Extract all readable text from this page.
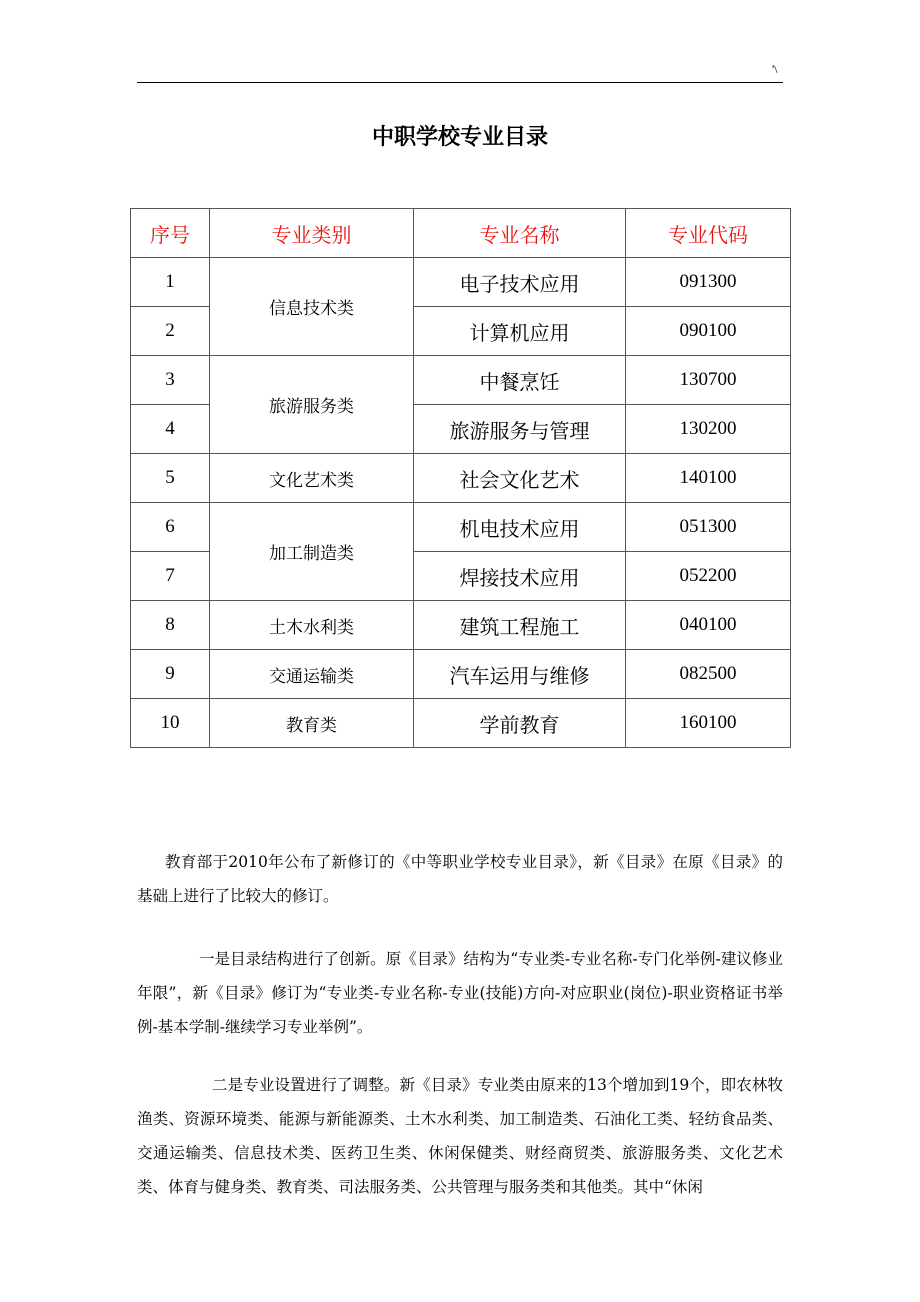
'\
中职学校专业目录
序号	专业类别	专业名称	专业代码
1	信息技术类	电子技术应用	091300
2		计算机应用	090100
3	旅游服务类	中餐烹饪	130700
4		旅游服务与管理	130200
5	文化艺术类	社会文化艺术	140100
6	加工制造类	机电技术应用	051300
7		焊接技术应用	052200
8	土木水利类	建筑工程施工	040100
9	交通运输类	汽车运用与维修	082500
10	教育类	学前教育	160100

教育部于2010年公布了新修订的《中等职业学校专业目录》，新《目录》在原《目录》的基础上进行了比较大的修订。

一是目录结构进行了创新。原《目录》结构为“专业类-专业名称-专门化举例-建议修业年限”，新《目录》修订为“专业类-专业名称-专业(技能)方向-对应职业(岗位)-职业资格证书举例-基本学制-继续学习专业举例”。

二是专业设置进行了调整。新《目录》专业类由原来的13个增加到19个，即农林牧渔类、资源环境类、能源与新能源类、土木水利类、加工制造类、石油化工类、轻纺食品类、交通运输类、信息技术类、医药卫生类、休闲保健类、财经商贸类、旅游服务类、文化艺术类、体育与健身类、教育类、司法服务类、公共管理与服务类和其他类。其中“休闲
